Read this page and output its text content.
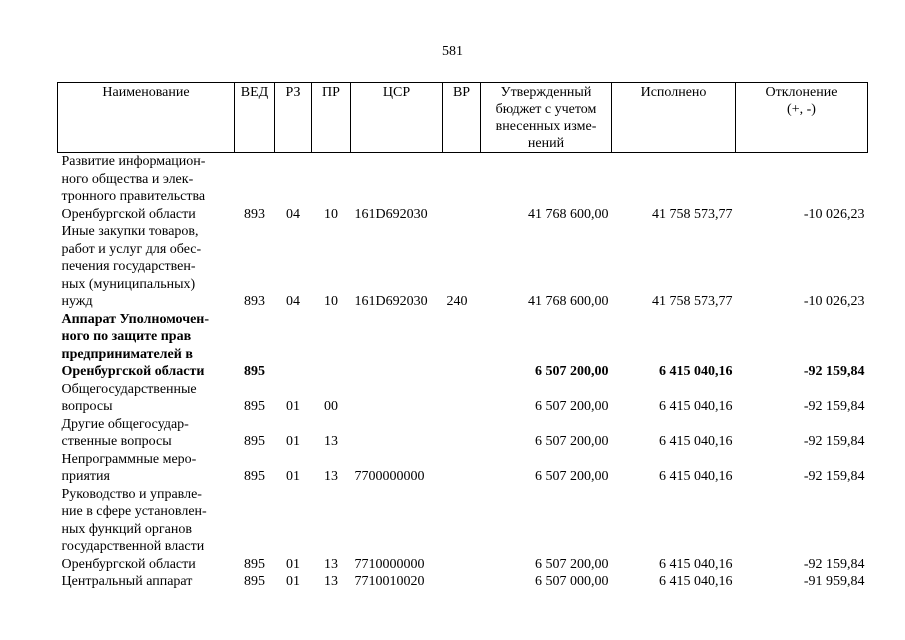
581
Наименование	ВЕД	РЗ	ПР	ЦСР	ВР	Утвержденный
бюджет с учетом
внесенных изме-
нений	Исполнено	Отклонение
(+, -)

Развитие информацион-
ного общества и элек-
тронного правительства
Оренбургской области	893	04	10	161D692030		41 768 600,00	41 758 573,77	-10 026,23

Иные закупки товаров,
работ и услуг для обес-
печения государствен-
ных (муниципальных)
нужд	893	04	10	161D692030	240	41 768 600,00	41 758 573,77	-10 026,23

Аппарат Уполномочен-
ного по защите прав
предпринимателей в
Оренбургской области	895					6 507 200,00	6 415 040,16	-92 159,84

Общегосударственные
вопросы	895	01	00			6 507 200,00	6 415 040,16	-92 159,84

Другие общегосудар-
ственные вопросы	895	01	13			6 507 200,00	6 415 040,16	-92 159,84

Непрограммные меро-
приятия	895	01	13	7700000000		6 507 200,00	6 415 040,16	-92 159,84

Руководство и управле-
ние в сфере установлен-
ных функций органов
государственной власти
Оренбургской области	895	01	13	7710000000		6 507 200,00	6 415 040,16	-92 159,84

Центральный аппарат	895	01	13	7710010020		6 507 000,00	6 415 040,16	-91 959,84
